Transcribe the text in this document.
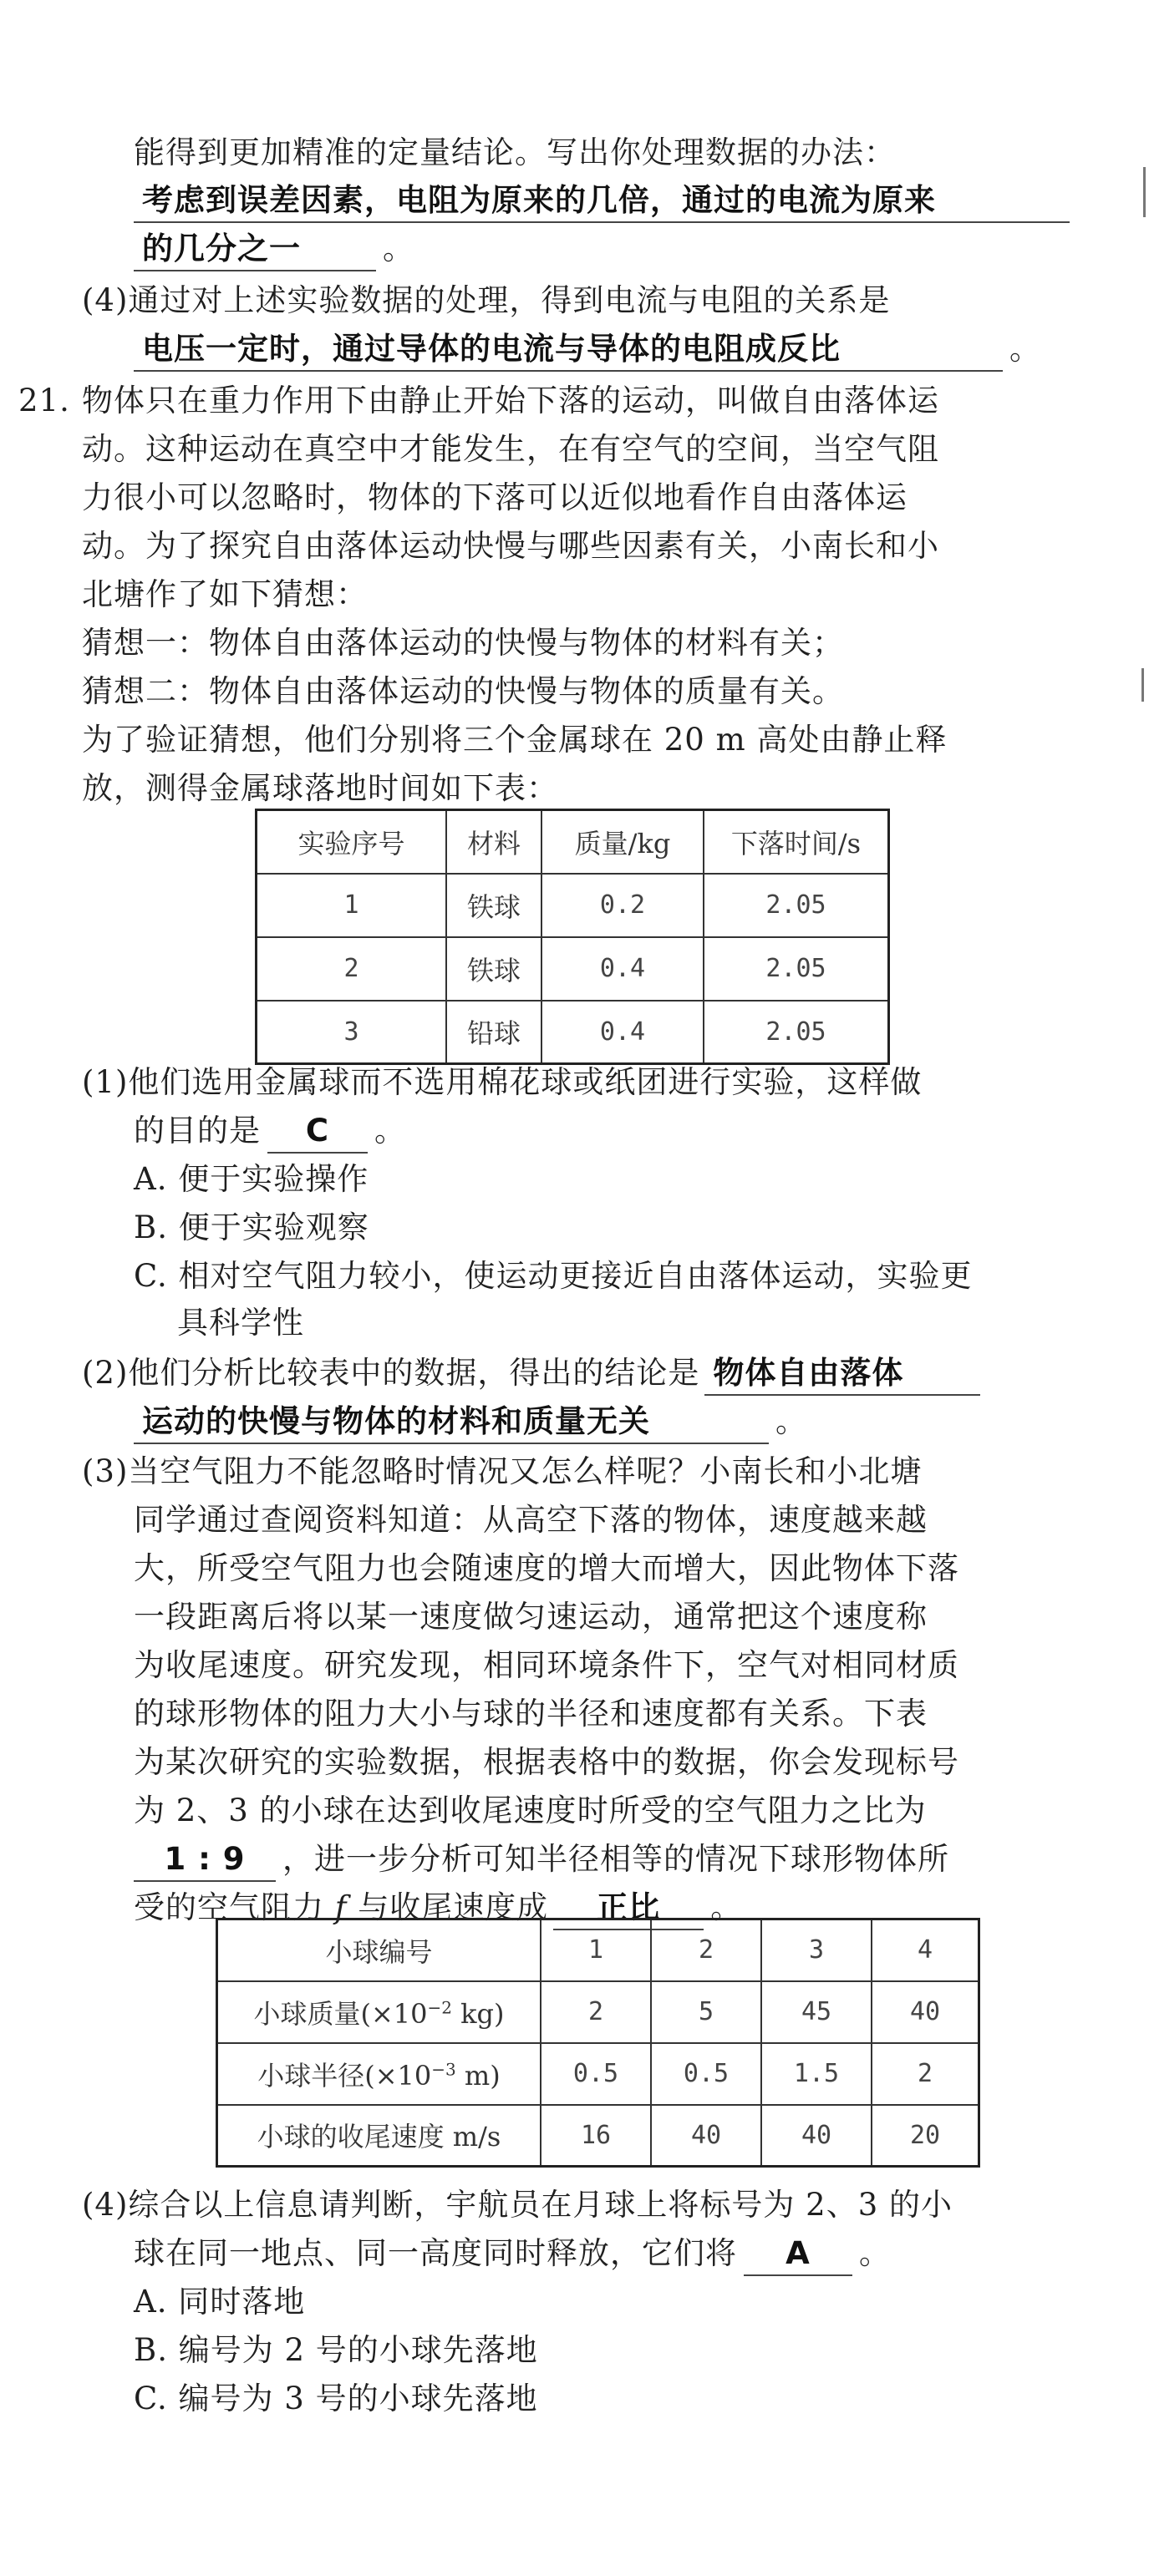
能得到更加精准的定量结论。写出你处理数据的办法：
考虑到误差因素，电阻为原来的几倍，通过的电流为原来
的几分之一	。
(4)通过对上述实验数据的处理，得到电流与电阻的关系是
电压一定时，通过导体的电流与导体的电阻成反比	。
21. 物体只在重力作用下由静止开始下落的运动，叫做自由落体运
动。这种运动在真空中才能发生，在有空气的空间，当空气阻
力很小可以忽略时，物体的下落可以近似地看作自由落体运
动。为了探究自由落体运动快慢与哪些因素有关，小南长和小
北塘作了如下猜想：
猜想一：物体自由落体运动的快慢与物体的材料有关；
猜想二：物体自由落体运动的快慢与物体的质量有关。
为了验证猜想，他们分别将三个金属球在 20 m 高处由静止释
放，测得金属球落地时间如下表：
实验序号	材料	质量/kg	下落时间/s
1	铁球	0.2	2.05
2	铁球	0.4	2.05
3	铅球	0.4	2.05
(1)他们选用金属球而不选用棉花球或纸团进行实验，这样做
的目的是 C 。
A. 便于实验操作
B. 便于实验观察
C. 相对空气阻力较小，使运动更接近自由落体运动，实验更
具科学性
(2)他们分析比较表中的数据，得出的结论是 物体自由落体
运动的快慢与物体的材料和质量无关	。
(3)当空气阻力不能忽略时情况又怎么样呢？小南长和小北塘
同学通过查阅资料知道：从高空下落的物体，速度越来越
大，所受空气阻力也会随速度的增大而增大，因此物体下落
一段距离后将以某一速度做匀速运动，通常把这个速度称
为收尾速度。研究发现，相同环境条件下，空气对相同材质
的球形物体的阻力大小与球的半径和速度都有关系。下表
为某次研究的实验数据，根据表格中的数据，你会发现标号
为 2、3 的小球在达到收尾速度时所受的空气阻力之比为
1 : 9 ，进一步分析可知半径相等的情况下球形物体所
受的空气阻力 f 与收尾速度成 正比 。
小球编号	1	2	3	4
小球质量($\times 10^{-2}$ kg)	2	5	45	40
小球半径($\times 10^{-3}$ m)	0.5	0.5	1.5	2
小球的收尾速度 m/s	16	40	40	20
(4)综合以上信息请判断，宇航员在月球上将标号为 2、3 的小
球在同一地点、同一高度同时释放，它们将 A 。
A. 同时落地
B. 编号为 2 号的小球先落地
C. 编号为 3 号的小球先落地
